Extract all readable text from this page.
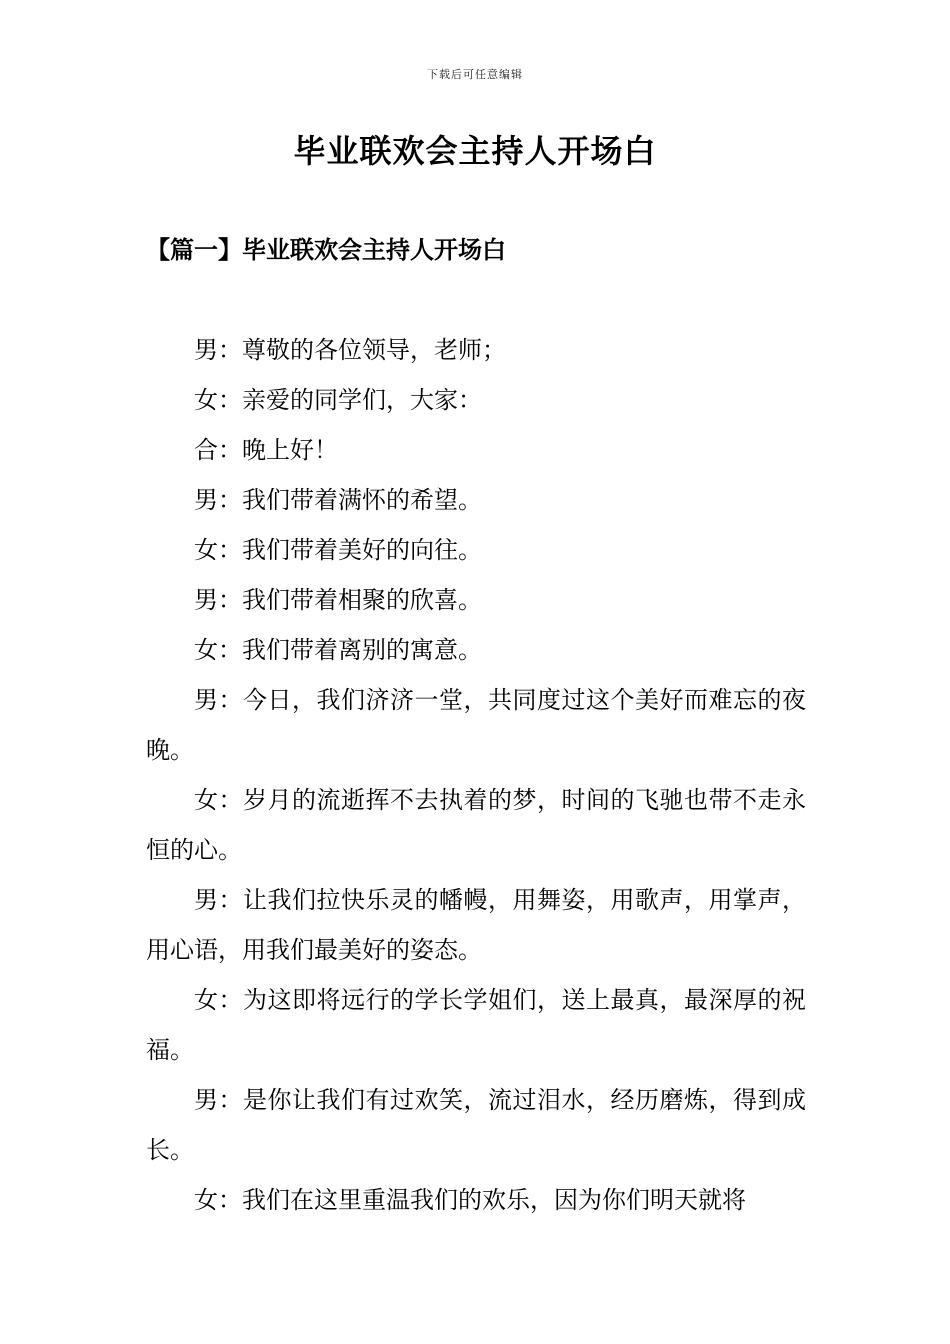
下载后可任意编辑
毕业联欢会主持人开场白
【篇一】毕业联欢会主持人开场白

男：尊敬的各位领导，老师；

女：亲爱的同学们，大家：

合：晚上好！

男：我们带着满怀的希望。

女：我们带着美好的向往。

男：我们带着相聚的欣喜。

女：我们带着离别的寓意。

男：今日，我们济济一堂，共同度过这个美好而难忘的夜晚。

女：岁月的流逝挥不去执着的梦，时间的飞驰也带不走永恒的心。

男：让我们拉快乐灵的幡幔，用舞姿，用歌声，用掌声，用心语，用我们最美好的姿态。

女：为这即将远行的学长学姐们，送上最真，最深厚的祝福。

男：是你让我们有过欢笑，流过泪水，经历磨炼，得到成长。

女：我们在这里重温我们的欢乐，因为你们明天就将
